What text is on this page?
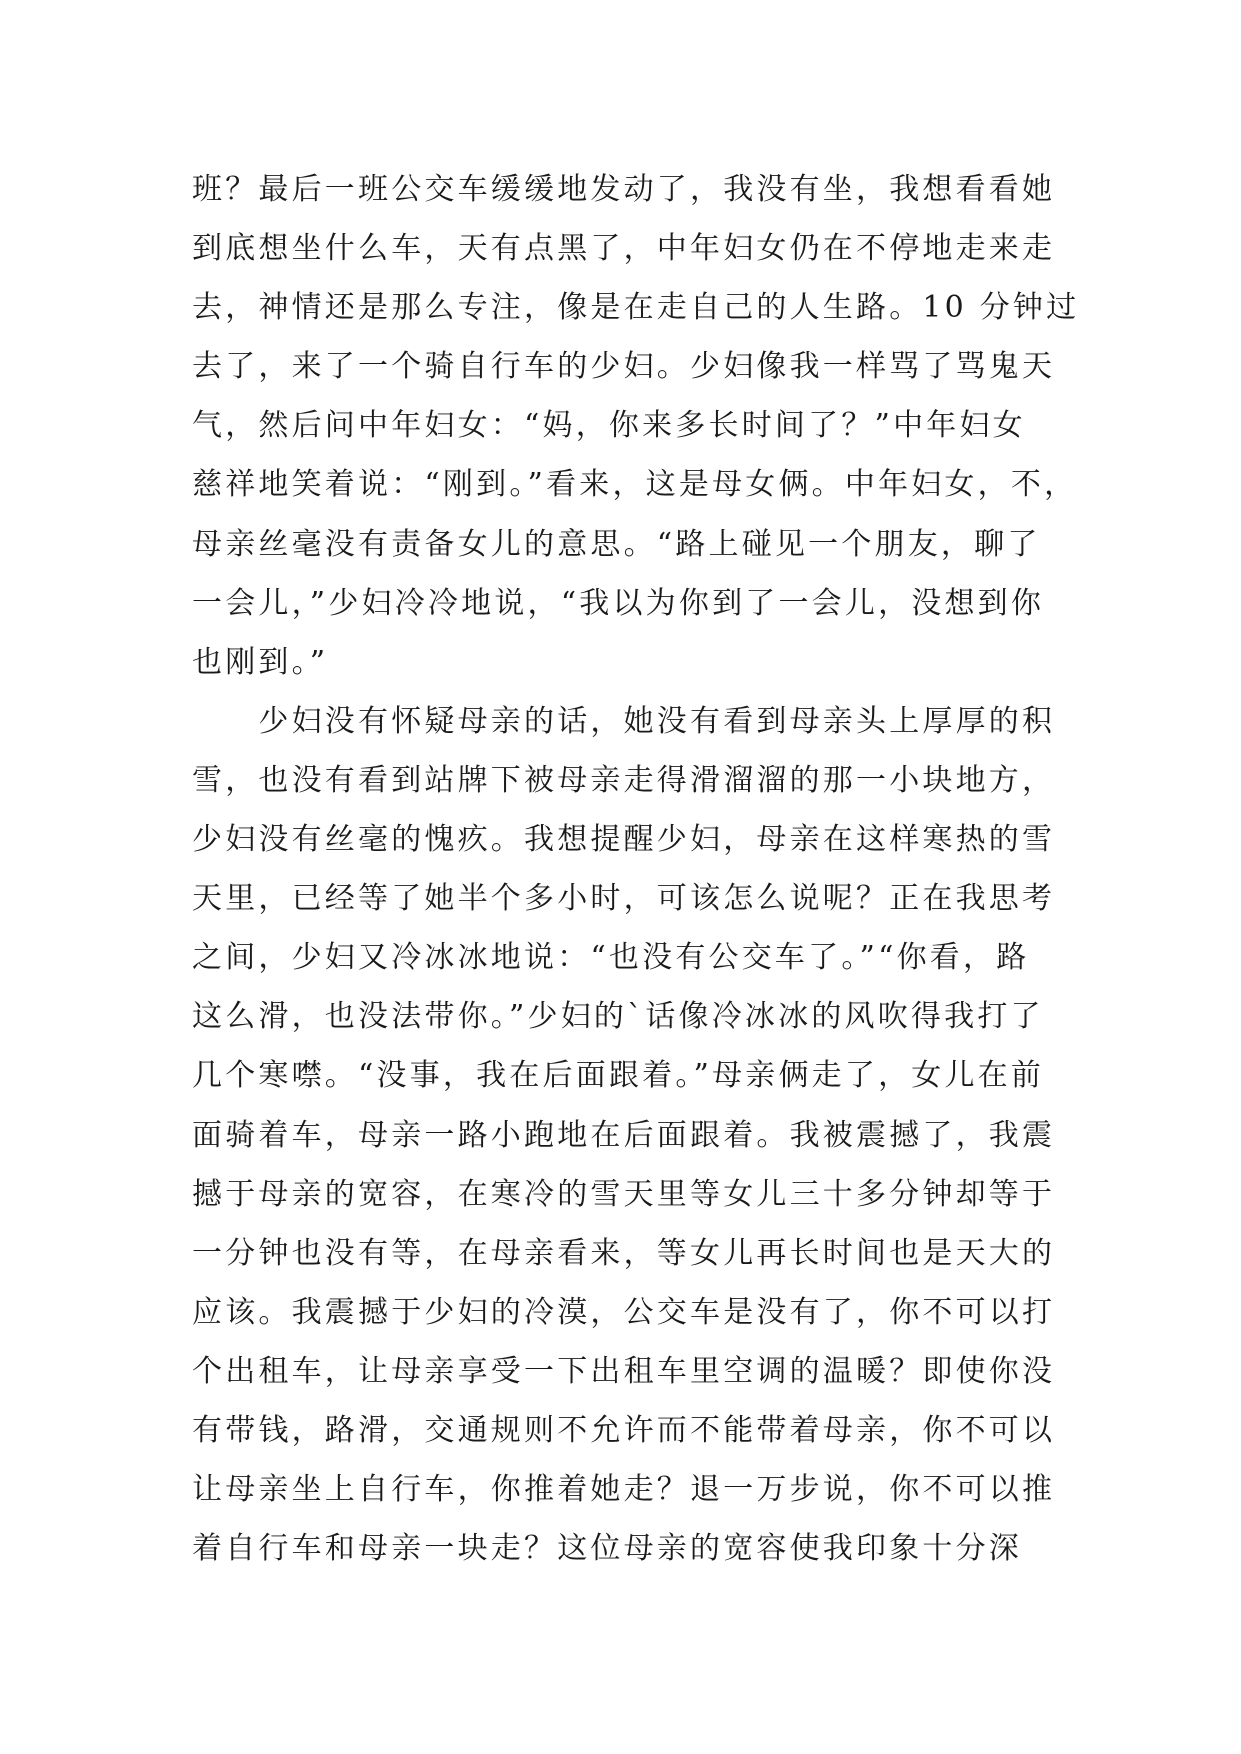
班？最后一班公交车缓缓地发动了，我没有坐，我想看看她
到底想坐什么车，天有点黑了，中年妇女仍在不停地走来走
去，神情还是那么专注，像是在走自己的人生路。10 分钟过
去了，来了一个骑自行车的少妇。少妇像我一样骂了骂鬼天
气，然后问中年妇女：“妈，你来多长时间了？”中年妇女
慈祥地笑着说：“刚到。”看来，这是母女俩。中年妇女，不，
母亲丝毫没有责备女儿的意思。“路上碰见一个朋友，聊了
一会儿，”少妇冷冷地说，“我以为你到了一会儿，没想到你
也刚到。”
　　少妇没有怀疑母亲的话，她没有看到母亲头上厚厚的积
雪，也没有看到站牌下被母亲走得滑溜溜的那一小块地方，
少妇没有丝毫的愧疚。我想提醒少妇，母亲在这样寒热的雪
天里，已经等了她半个多小时，可该怎么说呢？正在我思考
之间，少妇又冷冰冰地说：“也没有公交车了。”“你看，路
这么滑，也没法带你。”少妇的`话像冷冰冰的风吹得我打了
几个寒噤。“没事，我在后面跟着。”母亲俩走了，女儿在前
面骑着车，母亲一路小跑地在后面跟着。我被震撼了，我震
撼于母亲的宽容，在寒冷的雪天里等女儿三十多分钟却等于
一分钟也没有等，在母亲看来，等女儿再长时间也是天大的
应该。我震撼于少妇的冷漠，公交车是没有了，你不可以打
个出租车，让母亲享受一下出租车里空调的温暖？即使你没
有带钱，路滑，交通规则不允许而不能带着母亲，你不可以
让母亲坐上自行车，你推着她走？退一万步说，你不可以推
着自行车和母亲一块走？这位母亲的宽容使我印象十分深
